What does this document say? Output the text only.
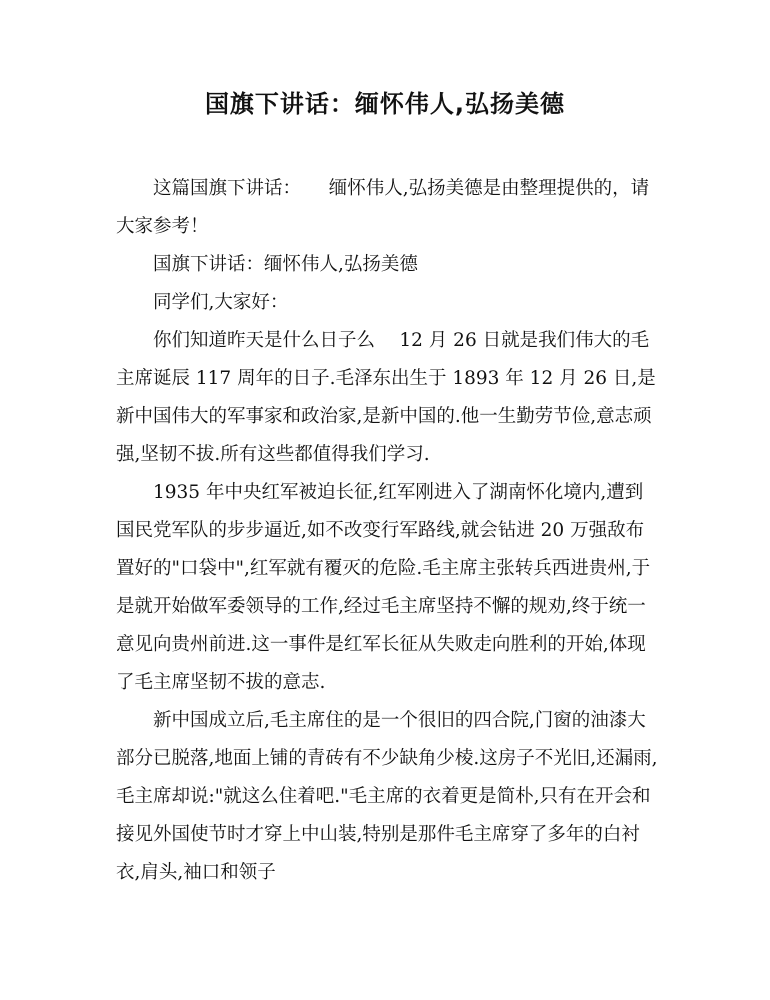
国旗下讲话：缅怀伟人,弘扬美德

这篇国旗下讲话：　　缅怀伟人,弘扬美德是由整理提供的，请大家参考！

国旗下讲话：缅怀伟人,弘扬美德

同学们,大家好：

你们知道昨天是什么日子么　 12 月 26 日就是我们伟大的毛主席诞辰 117 周年的日子.毛泽东出生于 1893 年 12 月 26 日,是新中国伟大的军事家和政治家,是新中国的.他一生勤劳节俭,意志顽强,坚韧不拔.所有这些都值得我们学习.

1935 年中央红军被迫长征,红军刚进入了湖南怀化境内,遭到国民党军队的步步逼近,如不改变行军路线,就会钻进 20 万强敌布置好的"口袋中",红军就有覆灭的危险.毛主席主张转兵西进贵州,于是就开始做军委领导的工作,经过毛主席坚持不懈的规劝,终于统一意见向贵州前进.这一事件是红军长征从失败走向胜利的开始,体现了毛主席坚韧不拔的意志.

新中国成立后,毛主席住的是一个很旧的四合院,门窗的油漆大部分已脱落,地面上铺的青砖有不少缺角少棱.这房子不光旧,还漏雨,毛主席却说:"就这么住着吧."毛主席的衣着更是简朴,只有在开会和接见外国使节时才穿上中山装,特别是那件毛主席穿了多年的白衬衣,肩头,袖口和领子
